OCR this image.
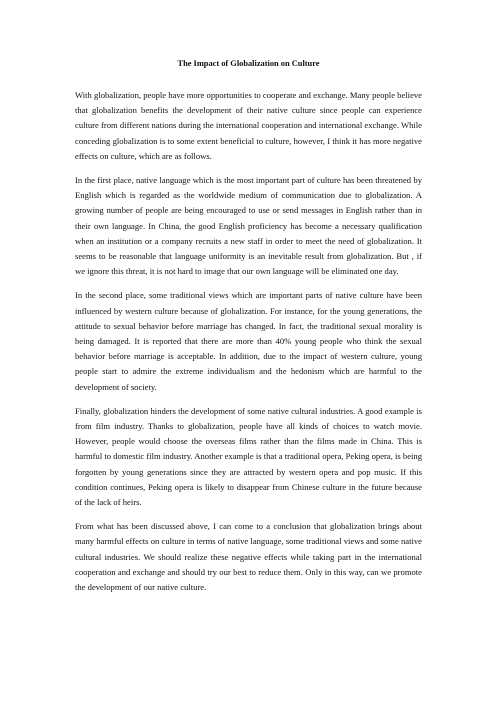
The Impact of Globalization on Culture

With globalization, people have more opportunities to cooperate and exchange. Many people believe that globalization benefits the development of their native culture since people can experience culture from different nations during the international cooperation and international exchange. While conceding globalization is to some extent beneficial to culture, however, I think it has more negative effects on culture, which are as follows.

In the first place, native language which is the most important part of culture has been threatened by English which is regarded as the worldwide medium of communication due to globalization. A growing number of people are being encouraged to use or send messages in English rather than in their own language. In China, the good English proficiency has become a necessary qualification when an institution or a company recruits a new staff in order to meet the need of globalization. It seems to be reasonable that language uniformity is an inevitable result from globalization. But , if we ignore this threat, it is not hard to image that our own language will be eliminated one day.

In the second place, some traditional views which are important parts of native culture have been influenced by western culture because of globalization. For instance, for the young generations, the attitude to sexual behavior before marriage has changed. In fact, the traditional sexual morality is being damaged. It is reported that there are more than 40% young people who think the sexual behavior before marriage is acceptable. In addition, due to the impact of western culture, young people start to admire the extreme individualism and the hedonism which are harmful to the development of society.

Finally, globalization hinders the development of some native cultural industries. A good example is from film industry. Thanks to globalization, people have all kinds of choices to watch movie. However, people would choose the overseas films rather than the films made in China. This is harmful to domestic film industry. Another example is that a traditional opera, Peking opera, is being forgotten by young generations since they are attracted by western opera and pop music. If this condition continues, Peking opera is likely to disappear from Chinese culture in the future because of the lack of heirs.

From what has been discussed above, I can come to a conclusion that globalization brings about many harmful effects on culture in terms of native language, some traditional views and some native cultural industries. We should realize these negative effects while taking part in the international cooperation and exchange and should try our best to reduce them. Only in this way, can we promote the development of our native culture.
